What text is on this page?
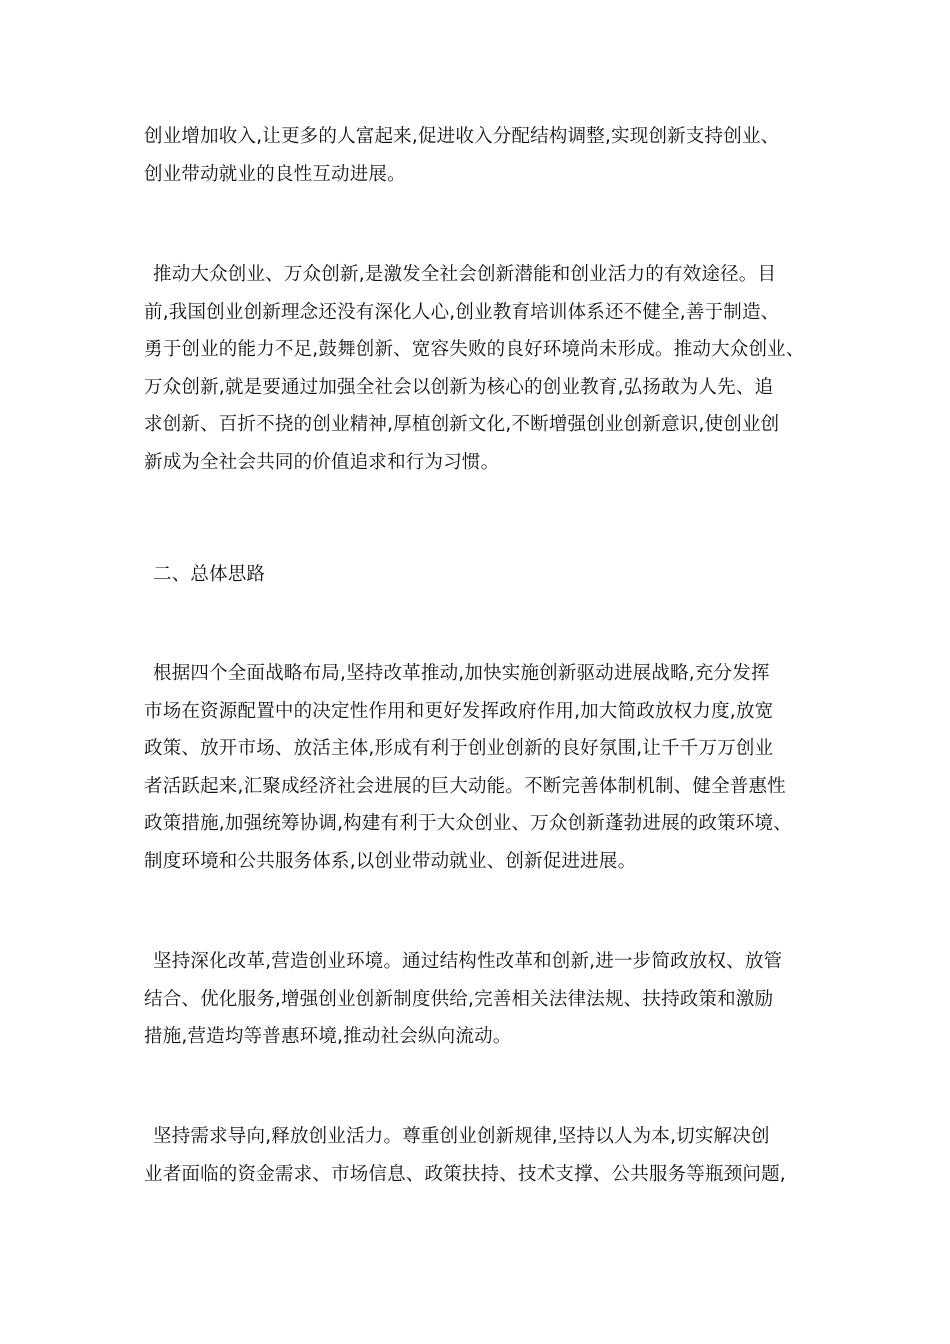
创业增加收入,让更多的人富起来,促进收入分配结构调整,实现创新支持创业、
创业带动就业的良性互动进展。
推动大众创业、万众创新,是激发全社会创新潜能和创业活力的有效途径。目
前,我国创业创新理念还没有深化人心,创业教育培训体系还不健全,善于制造、
勇于创业的能力不足,鼓舞创新、宽容失败的良好环境尚未形成。推动大众创业、
万众创新,就是要通过加强全社会以创新为核心的创业教育,弘扬敢为人先、追
求创新、百折不挠的创业精神,厚植创新文化,不断增强创业创新意识,使创业创
新成为全社会共同的价值追求和行为习惯。
二、总体思路
根据四个全面战略布局,坚持改革推动,加快实施创新驱动进展战略,充分发挥
市场在资源配置中的决定性作用和更好发挥政府作用,加大简政放权力度,放宽
政策、放开市场、放活主体,形成有利于创业创新的良好氛围,让千千万万创业
者活跃起来,汇聚成经济社会进展的巨大动能。不断完善体制机制、健全普惠性
政策措施,加强统筹协调,构建有利于大众创业、万众创新蓬勃进展的政策环境、
制度环境和公共服务体系,以创业带动就业、创新促进进展。
坚持深化改革,营造创业环境。通过结构性改革和创新,进一步简政放权、放管
结合、优化服务,增强创业创新制度供给,完善相关法律法规、扶持政策和激励
措施,营造均等普惠环境,推动社会纵向流动。
坚持需求导向,释放创业活力。尊重创业创新规律,坚持以人为本,切实解决创
业者面临的资金需求、市场信息、政策扶持、技术支撑、公共服务等瓶颈问题,
